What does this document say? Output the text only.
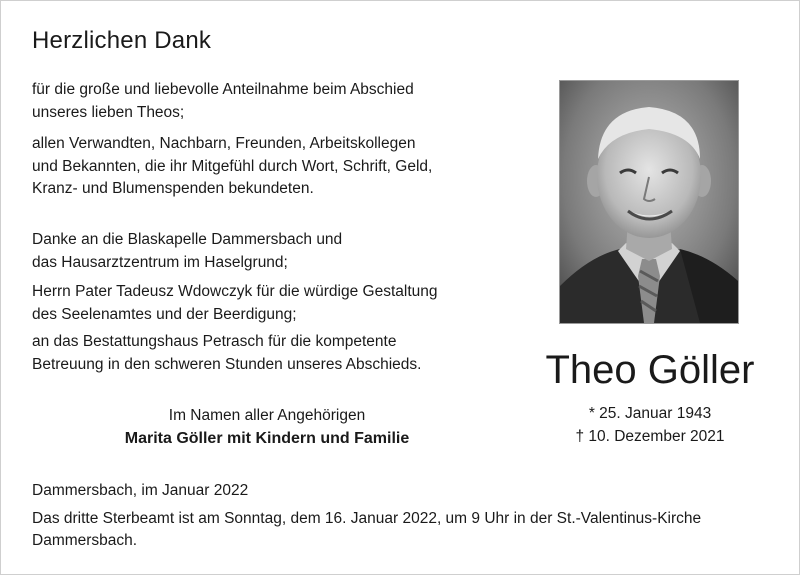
Herzlichen Dank
für die große und liebevolle Anteilnahme beim Abschied
unseres lieben Theos;
allen Verwandten, Nachbarn, Freunden, Arbeitskollegen
und Bekannten, die ihr Mitgefühl durch Wort, Schrift, Geld,
Kranz- und Blumenspenden bekundeten.
Danke an die Blaskapelle Dammersbach und
das Hausarztzentrum im Haselgrund;
Herrn Pater Tadeusz Wdowczyk für die würdige Gestaltung
des Seelenamtes und der Beerdigung;
an das Bestattungshaus Petrasch für die kompetente
Betreuung in den schweren Stunden unseres Abschieds.
Im Namen aller Angehörigen
Marita Göller mit Kindern und Familie
Theo Göller
* 25. Januar 1943
† 10. Dezember 2021
Dammersbach, im Januar 2022
Das dritte Sterbeamt ist am Sonntag, dem 16. Januar 2022, um 9 Uhr in der St.-Valentinus-Kirche
Dammersbach.
